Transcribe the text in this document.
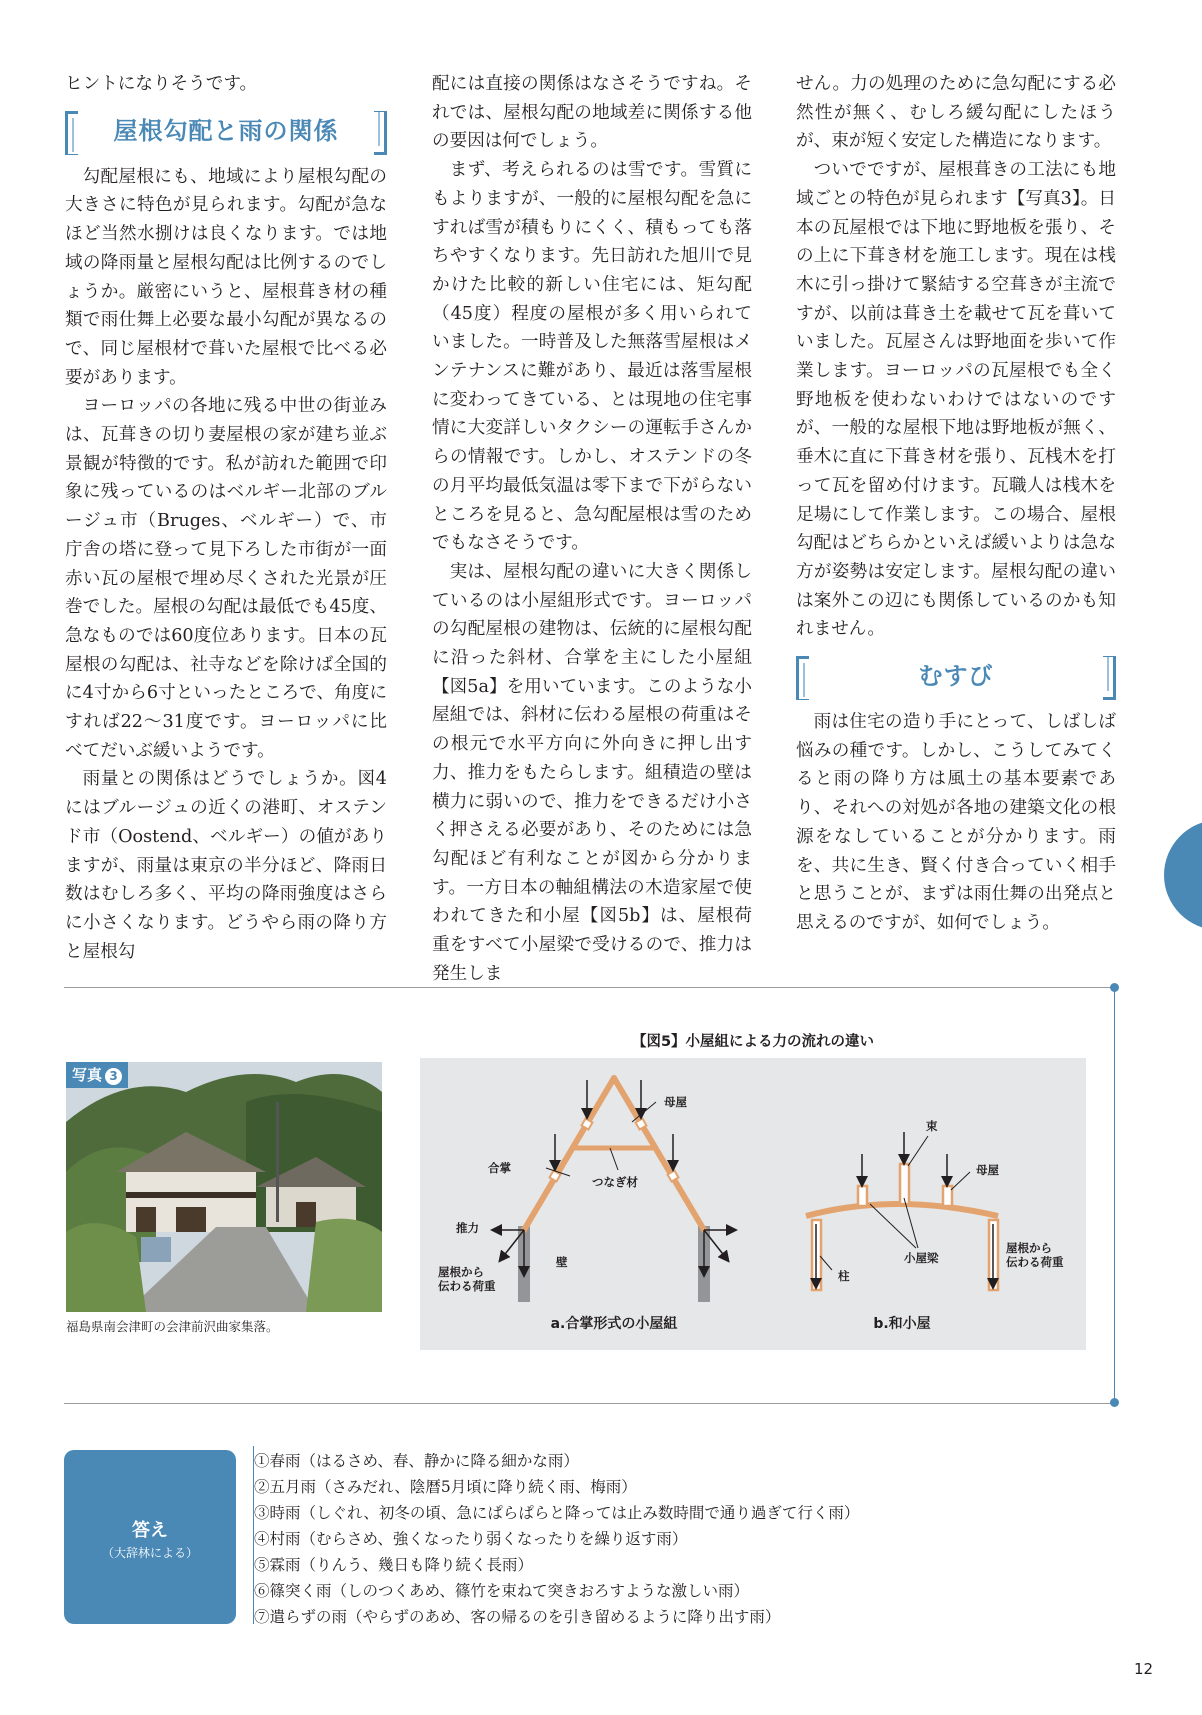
ヒントになりそうです。

屋根勾配と雨の関係

勾配屋根にも、地域により屋根勾配の大きさに特色が見られます。勾配が急なほど当然水捌けは良くなります。では地域の降雨量と屋根勾配は比例するのでしょうか。厳密にいうと、屋根葺き材の種類で雨仕舞上必要な最小勾配が異なるので、同じ屋根材で葺いた屋根で比べる必要があります。

ヨーロッパの各地に残る中世の街並みは、瓦葺きの切り妻屋根の家が建ち並ぶ景観が特徴的です。私が訪れた範囲で印象に残っているのはベルギー北部のブルージュ市（Bruges、ベルギー）で、市庁舎の塔に登って見下ろした市街が一面赤い瓦の屋根で埋め尽くされた光景が圧巻でした。屋根の勾配は最低でも45度、急なものでは60度位あります。日本の瓦屋根の勾配は、社寺などを除けば全国的に4寸から6寸といったところで、角度にすれば22～31度です。ヨーロッパに比べてだいぶ緩いようです。

雨量との関係はどうでしょうか。図4にはブルージュの近くの港町、オステンド市（Oostend、ベルギー）の値がありますが、雨量は東京の半分ほど、降雨日数はむしろ多く、平均の降雨強度はさらに小さくなります。どうやら雨の降り方と屋根勾

配には直接の関係はなさそうですね。それでは、屋根勾配の地域差に関係する他の要因は何でしょう。

まず、考えられるのは雪です。雪質にもよりますが、一般的に屋根勾配を急にすれば雪が積もりにくく、積もっても落ちやすくなります。先日訪れた旭川で見かけた比較的新しい住宅には、矩勾配（45度）程度の屋根が多く用いられていました。一時普及した無落雪屋根はメンテナンスに難があり、最近は落雪屋根に変わってきている、とは現地の住宅事情に大変詳しいタクシーの運転手さんからの情報です。しかし、オステンドの冬の月平均最低気温は零下まで下がらないところを見ると、急勾配屋根は雪のためでもなさそうです。

実は、屋根勾配の違いに大きく関係しているのは小屋組形式です。ヨーロッパの勾配屋根の建物は、伝統的に屋根勾配に沿った斜材、合掌を主にした小屋組【図5a】を用いています。このような小屋組では、斜材に伝わる屋根の荷重はその根元で水平方向に外向きに押し出す力、推力をもたらします。組積造の壁は横力に弱いので、推力をできるだけ小さく押さえる必要があり、そのためには急勾配ほど有利なことが図から分かります。一方日本の軸組構法の木造家屋で使われてきた和小屋【図5b】は、屋根荷重をすべて小屋梁で受けるので、推力は発生しま

せん。力の処理のために急勾配にする必然性が無く、むしろ緩勾配にしたほうが、束が短く安定した構造になります。

ついでですが、屋根葺きの工法にも地域ごとの特色が見られます【写真3】。日本の瓦屋根では下地に野地板を張り、その上に下葺き材を施工します。現在は桟木に引っ掛けて緊結する空葺きが主流ですが、以前は葺き土を載せて瓦を葺いていました。瓦屋さんは野地面を歩いて作業します。ヨーロッパの瓦屋根でも全く野地板を使わないわけではないのですが、一般的な屋根下地は野地板が無く、垂木に直に下葺き材を張り、瓦桟木を打って瓦を留め付けます。瓦職人は桟木を足場にして作業します。この場合、屋根勾配はどちらかといえば緩いよりは急な方が姿勢は安定します。屋根勾配の違いは案外この辺にも関係しているのかも知れません。

むすび

雨は住宅の造り手にとって、しばしば悩みの種です。しかし、こうしてみてくると雨の降り方は風土の基本要素であり、それへの対処が各地の建築文化の根源をなしていることが分かります。雨を、共に生き、賢く付き合っていく相手と思うことが、まずは雨仕舞の出発点と思えるのですが、如何でしょう。

写真 3
福島県南会津町の会津前沢曲家集落。
【図5】小屋組による力の流れの違い
母屋
合掌
つなぎ材
推力
壁
屋根から
伝わる荷重
a.合掌形式の小屋組
束
母屋
小屋梁
柱
屋根から
伝わる荷重
b.和小屋
答え
（大辞林による）
①春雨（はるさめ、春、静かに降る細かな雨）
②五月雨（さみだれ、陰暦5月頃に降り続く雨、梅雨）
③時雨（しぐれ、初冬の頃、急にぱらぱらと降っては止み数時間で通り過ぎて行く雨）
④村雨（むらさめ、強くなったり弱くなったりを繰り返す雨）
⑤霖雨（りんう、幾日も降り続く長雨）
⑥篠突く雨（しのつくあめ、篠竹を束ねて突きおろすような激しい雨）
⑦遣らずの雨（やらずのあめ、客の帰るのを引き留めるように降り出す雨）
12
